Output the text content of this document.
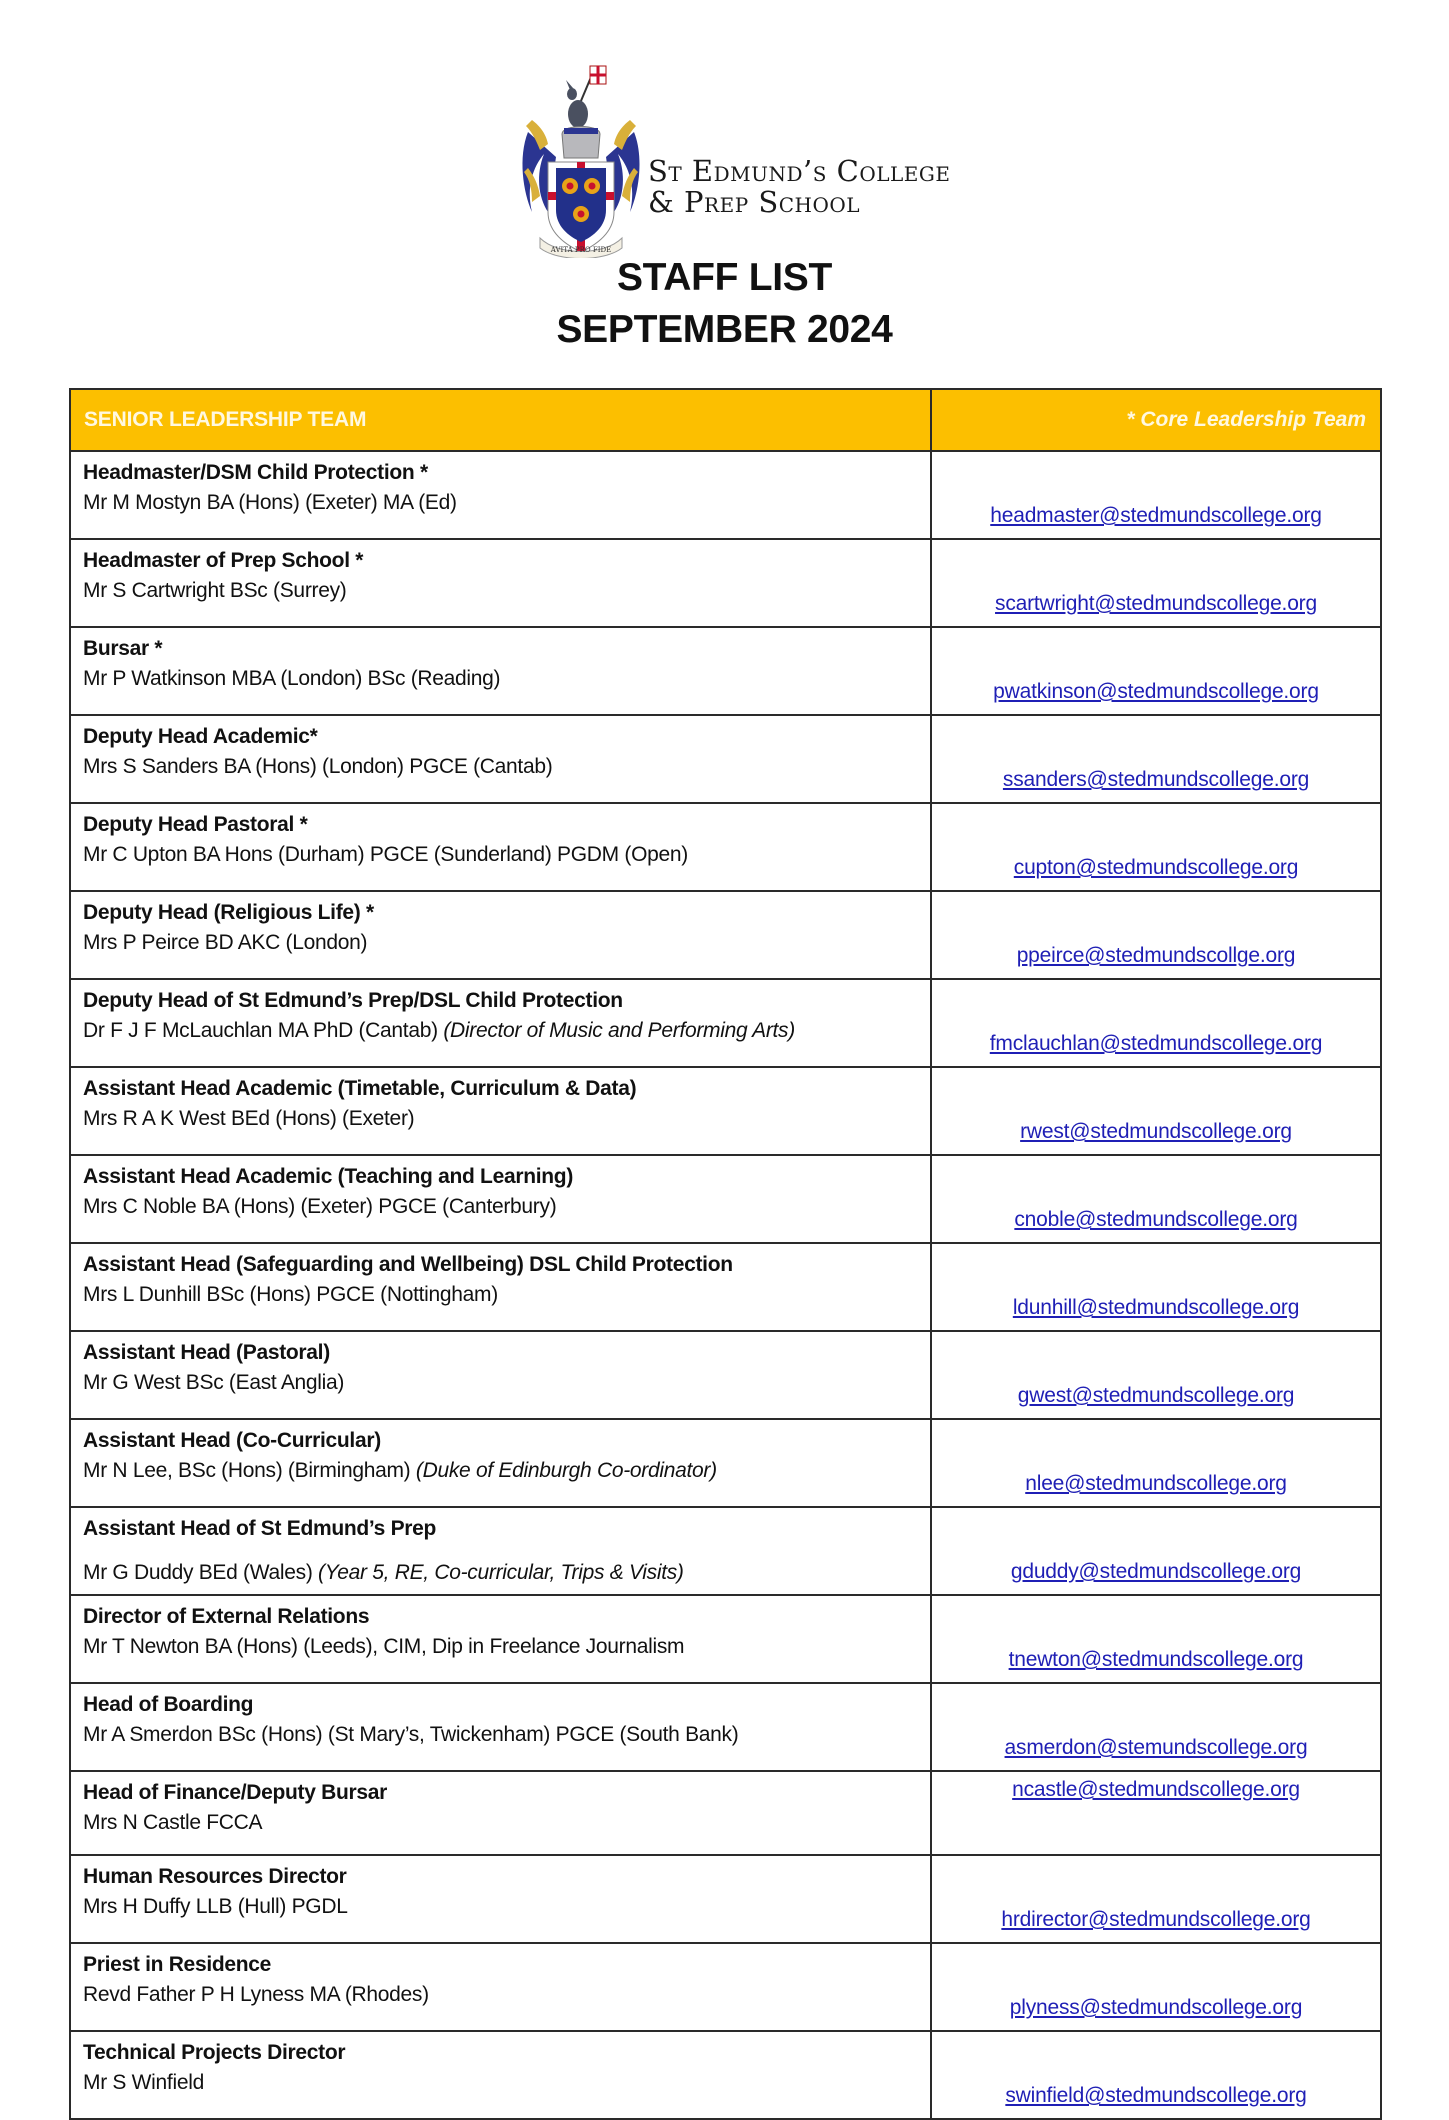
AVITA PRO FIDE
St Edmund’s College
& Prep School
STAFF LIST
SEPTEMBER 2024
SENIOR LEADERSHIP TEAM	* Core Leadership Team

Headmaster/DSM Child Protection *
Mr M Mostyn BA (Hons) (Exeter) MA (Ed)	headmaster@stedmundscollege.org

Headmaster of Prep School *
Mr S Cartwright BSc (Surrey)	scartwright@stedmundscollege.org

Bursar *
Mr P Watkinson MBA (London) BSc (Reading)	pwatkinson@stedmundscollege.org

Deputy Head Academic*
Mrs S Sanders BA (Hons) (London) PGCE (Cantab)	ssanders@stedmundscollege.org

Deputy Head Pastoral *
Mr C Upton BA Hons (Durham) PGCE (Sunderland) PGDM (Open)	cupton@stedmundscollege.org

Deputy Head (Religious Life) *
Mrs P Peirce BD AKC (London)	ppeirce@stedmundscollge.org

Deputy Head of St Edmund’s Prep/DSL Child Protection
Dr F J F McLauchlan MA PhD (Cantab) (Director of Music and Performing Arts)	fmclauchlan@stedmundscollege.org

Assistant Head Academic (Timetable, Curriculum & Data)
Mrs R A K West BEd (Hons) (Exeter)	rwest@stedmundscollege.org

Assistant Head Academic (Teaching and Learning)
Mrs C Noble BA (Hons) (Exeter) PGCE (Canterbury)	cnoble@stedmundscollege.org

Assistant Head (Safeguarding and Wellbeing) DSL Child Protection
Mrs L Dunhill BSc (Hons) PGCE (Nottingham)	ldunhill@stedmundscollege.org

Assistant Head (Pastoral)
Mr G West BSc (East Anglia)	gwest@stedmundscollege.org

Assistant Head (Co-Curricular)
Mr N Lee, BSc (Hons) (Birmingham) (Duke of Edinburgh Co-ordinator)	nlee@stedmundscollege.org

Assistant Head of St Edmund’s Prep
Mr G Duddy BEd (Wales) (Year 5, RE, Co-curricular, Trips & Visits)	gduddy@stedmundscollege.org

Director of External Relations
Mr T Newton BA (Hons) (Leeds), CIM, Dip in Freelance Journalism	tnewton@stedmundscollege.org

Head of Boarding
Mr A Smerdon BSc (Hons) (St Mary’s, Twickenham) PGCE (South Bank)	asmerdon@stemundscollege.org

Head of Finance/Deputy Bursar
Mrs N Castle FCCA	ncastle@stedmundscollege.org

Human Resources Director
Mrs H Duffy LLB (Hull) PGDL	hrdirector@stedmundscollege.org

Priest in Residence
Revd Father P H Lyness MA (Rhodes)	plyness@stedmundscollege.org

Technical Projects Director
Mr S Winfield	swinfield@stedmundscollege.org
